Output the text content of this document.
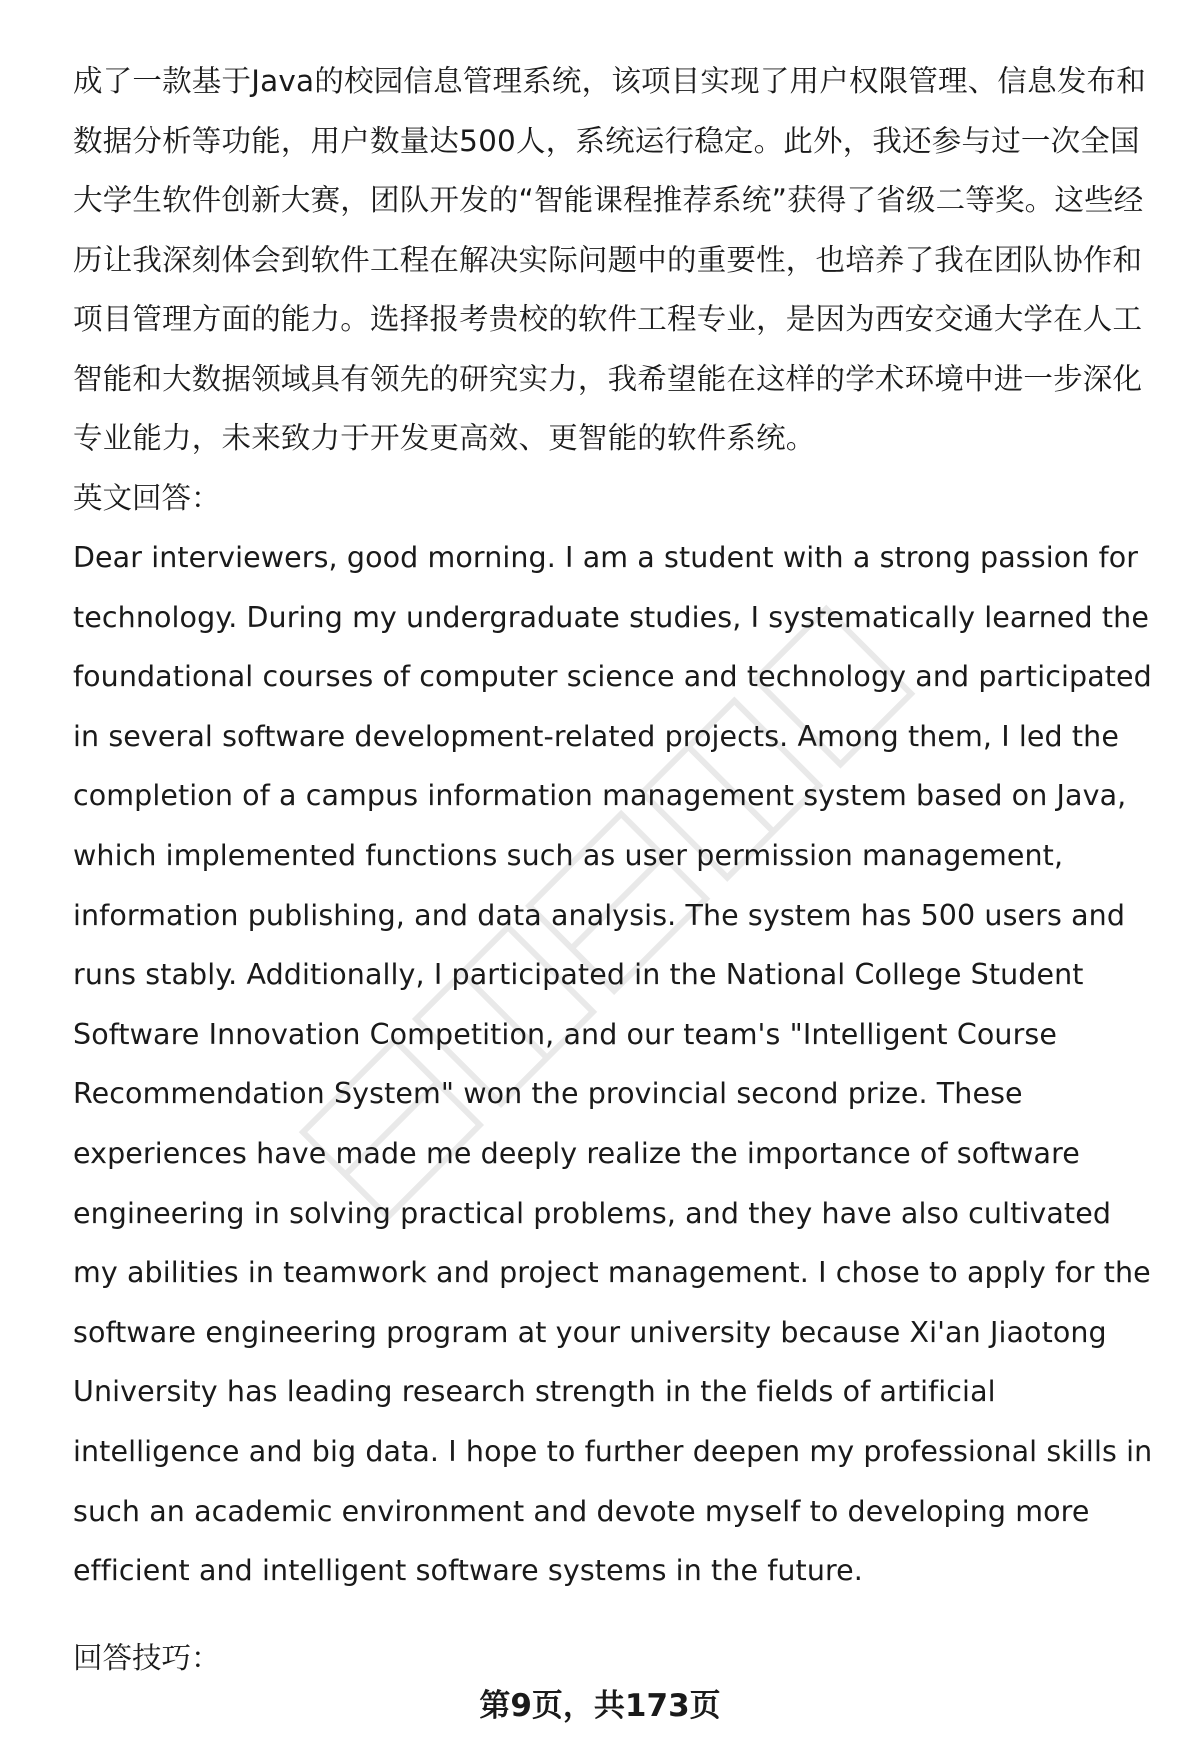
成了一款基于Java的校园信息管理系统，该项目实现了用户权限管理、信息发布和数据分析等功能，用户数量达500人，系统运行稳定。此外，我还参与过一次全国大学生软件创新大赛，团队开发的“智能课程推荐系统”获得了省级二等奖。这些经历让我深刻体会到软件工程在解决实际问题中的重要性，也培养了我在团队协作和项目管理方面的能力。选择报考贵校的软件工程专业，是因为西安交通大学在人工智能和大数据领域具有领先的研究实力，我希望能在这样的学术环境中进一步深化专业能力，未来致力于开发更高效、更智能的软件系统。

英文回答：

Dear interviewers, good morning. I am a student with a strong passion for technology. During my undergraduate studies, I systematically learned the foundational courses of computer science and technology and participated in several software development-related projects. Among them, I led the completion of a campus information management system based on Java, which implemented functions such as user permission management, information publishing, and data analysis. The system has 500 users and runs stably. Additionally, I participated in the National College Student Software Innovation Competition, and our team's "Intelligent Course Recommendation System" won the provincial second prize. These experiences have made me deeply realize the importance of software engineering in solving practical problems, and they have also cultivated my abilities in teamwork and project management. I chose to apply for the software engineering program at your university because Xi'an Jiaotong University has leading research strength in the fields of artificial intelligence and big data. I hope to further deepen my professional skills in such an academic environment and devote myself to developing more efficient and intelligent software systems in the future.

回答技巧：

第9页，共173页
